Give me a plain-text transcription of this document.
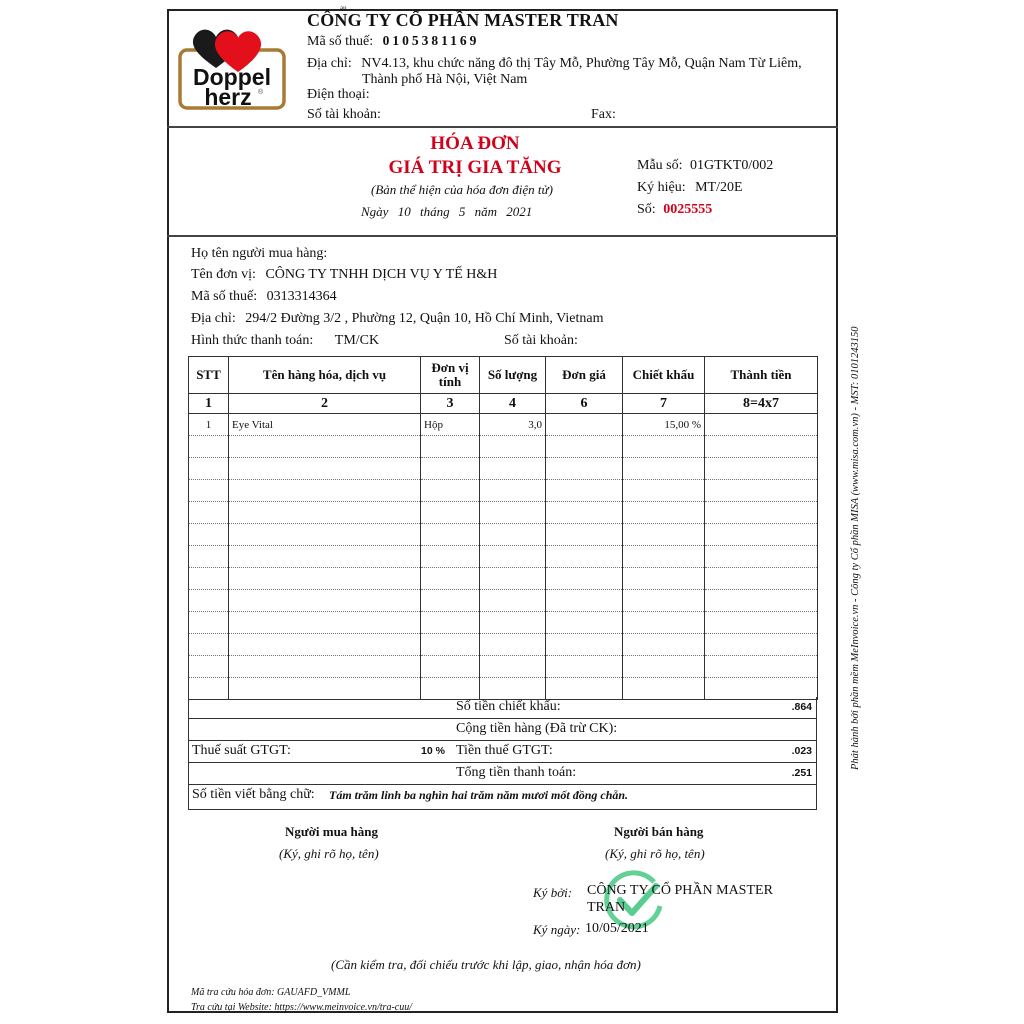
au
Doppel
herz ®
CÔNG TY CỔ PHẦN MASTER TRAN
Mã số thuế: 0105381169
Địa chỉ: NV4.13, khu chức năng đô thị Tây Mỗ, Phường Tây Mỗ, Quận Nam Từ Liêm,
Thành phố Hà Nội, Việt Nam
Điện thoại:
Số tài khoản:	Fax:
HÓA ĐƠN
GIÁ TRỊ GIA TĂNG
(Bản thể hiện của hóa đơn điện tử)
Ngày 10 tháng 5 năm 2021
Mẫu số: 01GTKT0/002
Ký hiệu: MT/20E
Số: 0025555
Họ tên người mua hàng:
Tên đơn vị: CÔNG TY TNHH DỊCH VỤ Y TẾ H&H
Mã số thuế: 0313314364
Địa chỉ: 294/2 Đường 3/2 , Phường 12, Quận 10, Hồ Chí Minh, Vietnam
Hình thức thanh toán: TM/CK	Số tài khoản:
STT	Tên hàng hóa, dịch vụ	Đơn vị
tính	Số lượng	Đơn giá	Chiết khấu	Thành tiền
1	2	3	4	6	7	8=4x7
1	Eye Vital	Hộp	3,0		15,00 %	

Số tiền chiết khấu:	.864
Cộng tiền hàng (Đã trừ CK):
Thuế suất GTGT:	10 % Tiền thuế GTGT:	.023
Tổng tiền thanh toán:	.251
Số tiền viết bằng chữ: Tám trăm linh ba nghìn hai trăm năm mươi mốt đồng chẵn.
Người mua hàng
(Ký, ghi rõ họ, tên)
Người bán hàng
(Ký, ghi rõ họ, tên)
Ký bởi: CÔNG TY CỔ PHẦN MASTER
TRAN
Ký ngày: 10/05/2021
(Cần kiểm tra, đối chiếu trước khi lập, giao, nhận hóa đơn)
Mã tra cứu hóa đơn: GAUAFD_VMML
Tra cứu tại Website: https://www.meinvoice.vn/tra-cuu/
Phát hành bởi phần mềm MeInvoice.vn - Công ty Cổ phần MISA (www.misa.com.vn) - MST: 0101243150
